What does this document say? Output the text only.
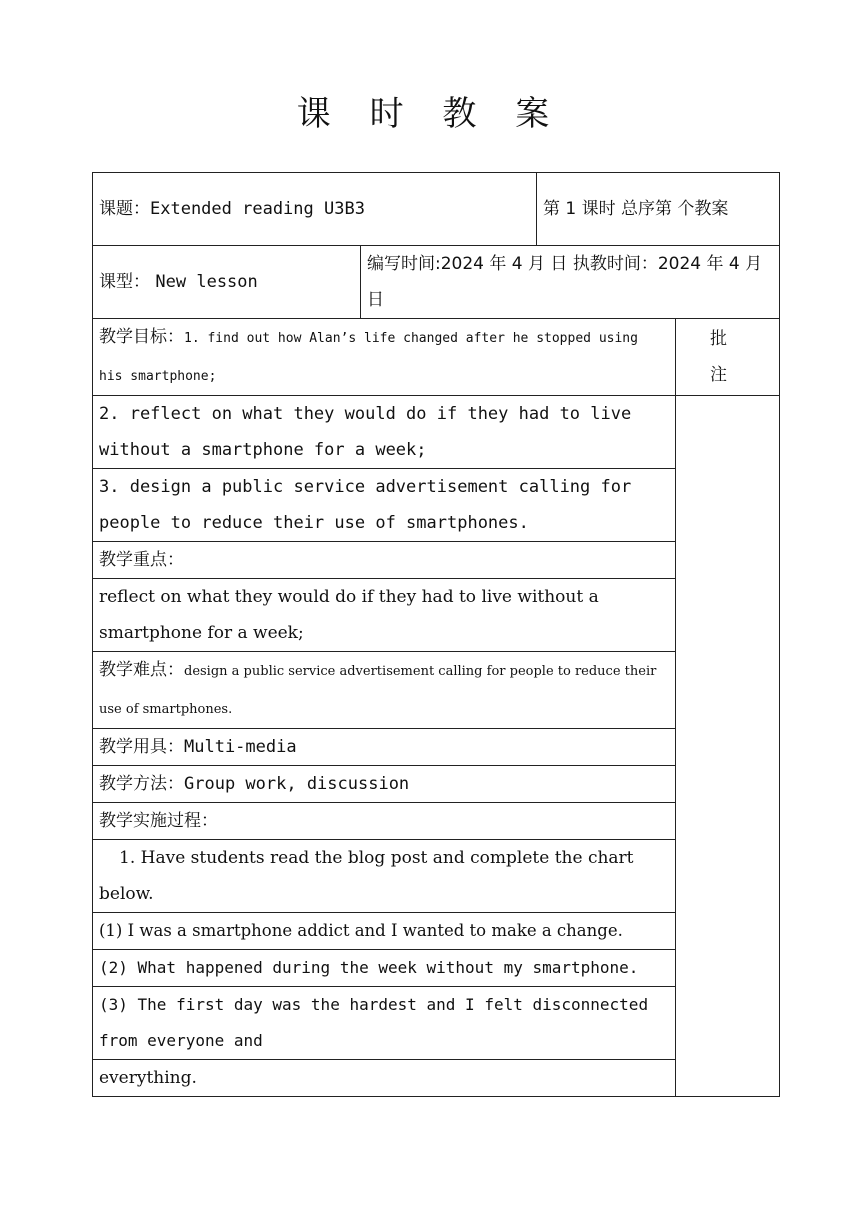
课 时 教 案
课题：Extended reading U3B3		第 1 课时 总序第 个教案	
课型： New lesson	编写时间:2024 年 4 月 日 执教时间：2024 年 4 月 日		
教学目标：1. find out how Alan’s life changed after he stopped using his smartphone;			批 注
2. reflect on what they would do if they had to live without a smartphone for a week;			
3. design a public service advertisement calling for people to reduce their use of smartphones.			
教学重点：			
reflect on what they would do if they had to live without a smartphone for a week;			
教学难点：design a public service advertisement calling for people to reduce their use of smartphones.			
教学用具：Multi-media			
教学方法：Group work, discussion			
教学实施过程：			
1. Have students read the blog post and complete the chart below.			
(1) I was a smartphone addict and I wanted to make a change.			
(2) What happened during the week without my smartphone.			
(3) The first day was the hardest and I felt disconnected from everyone and			
everything.			
